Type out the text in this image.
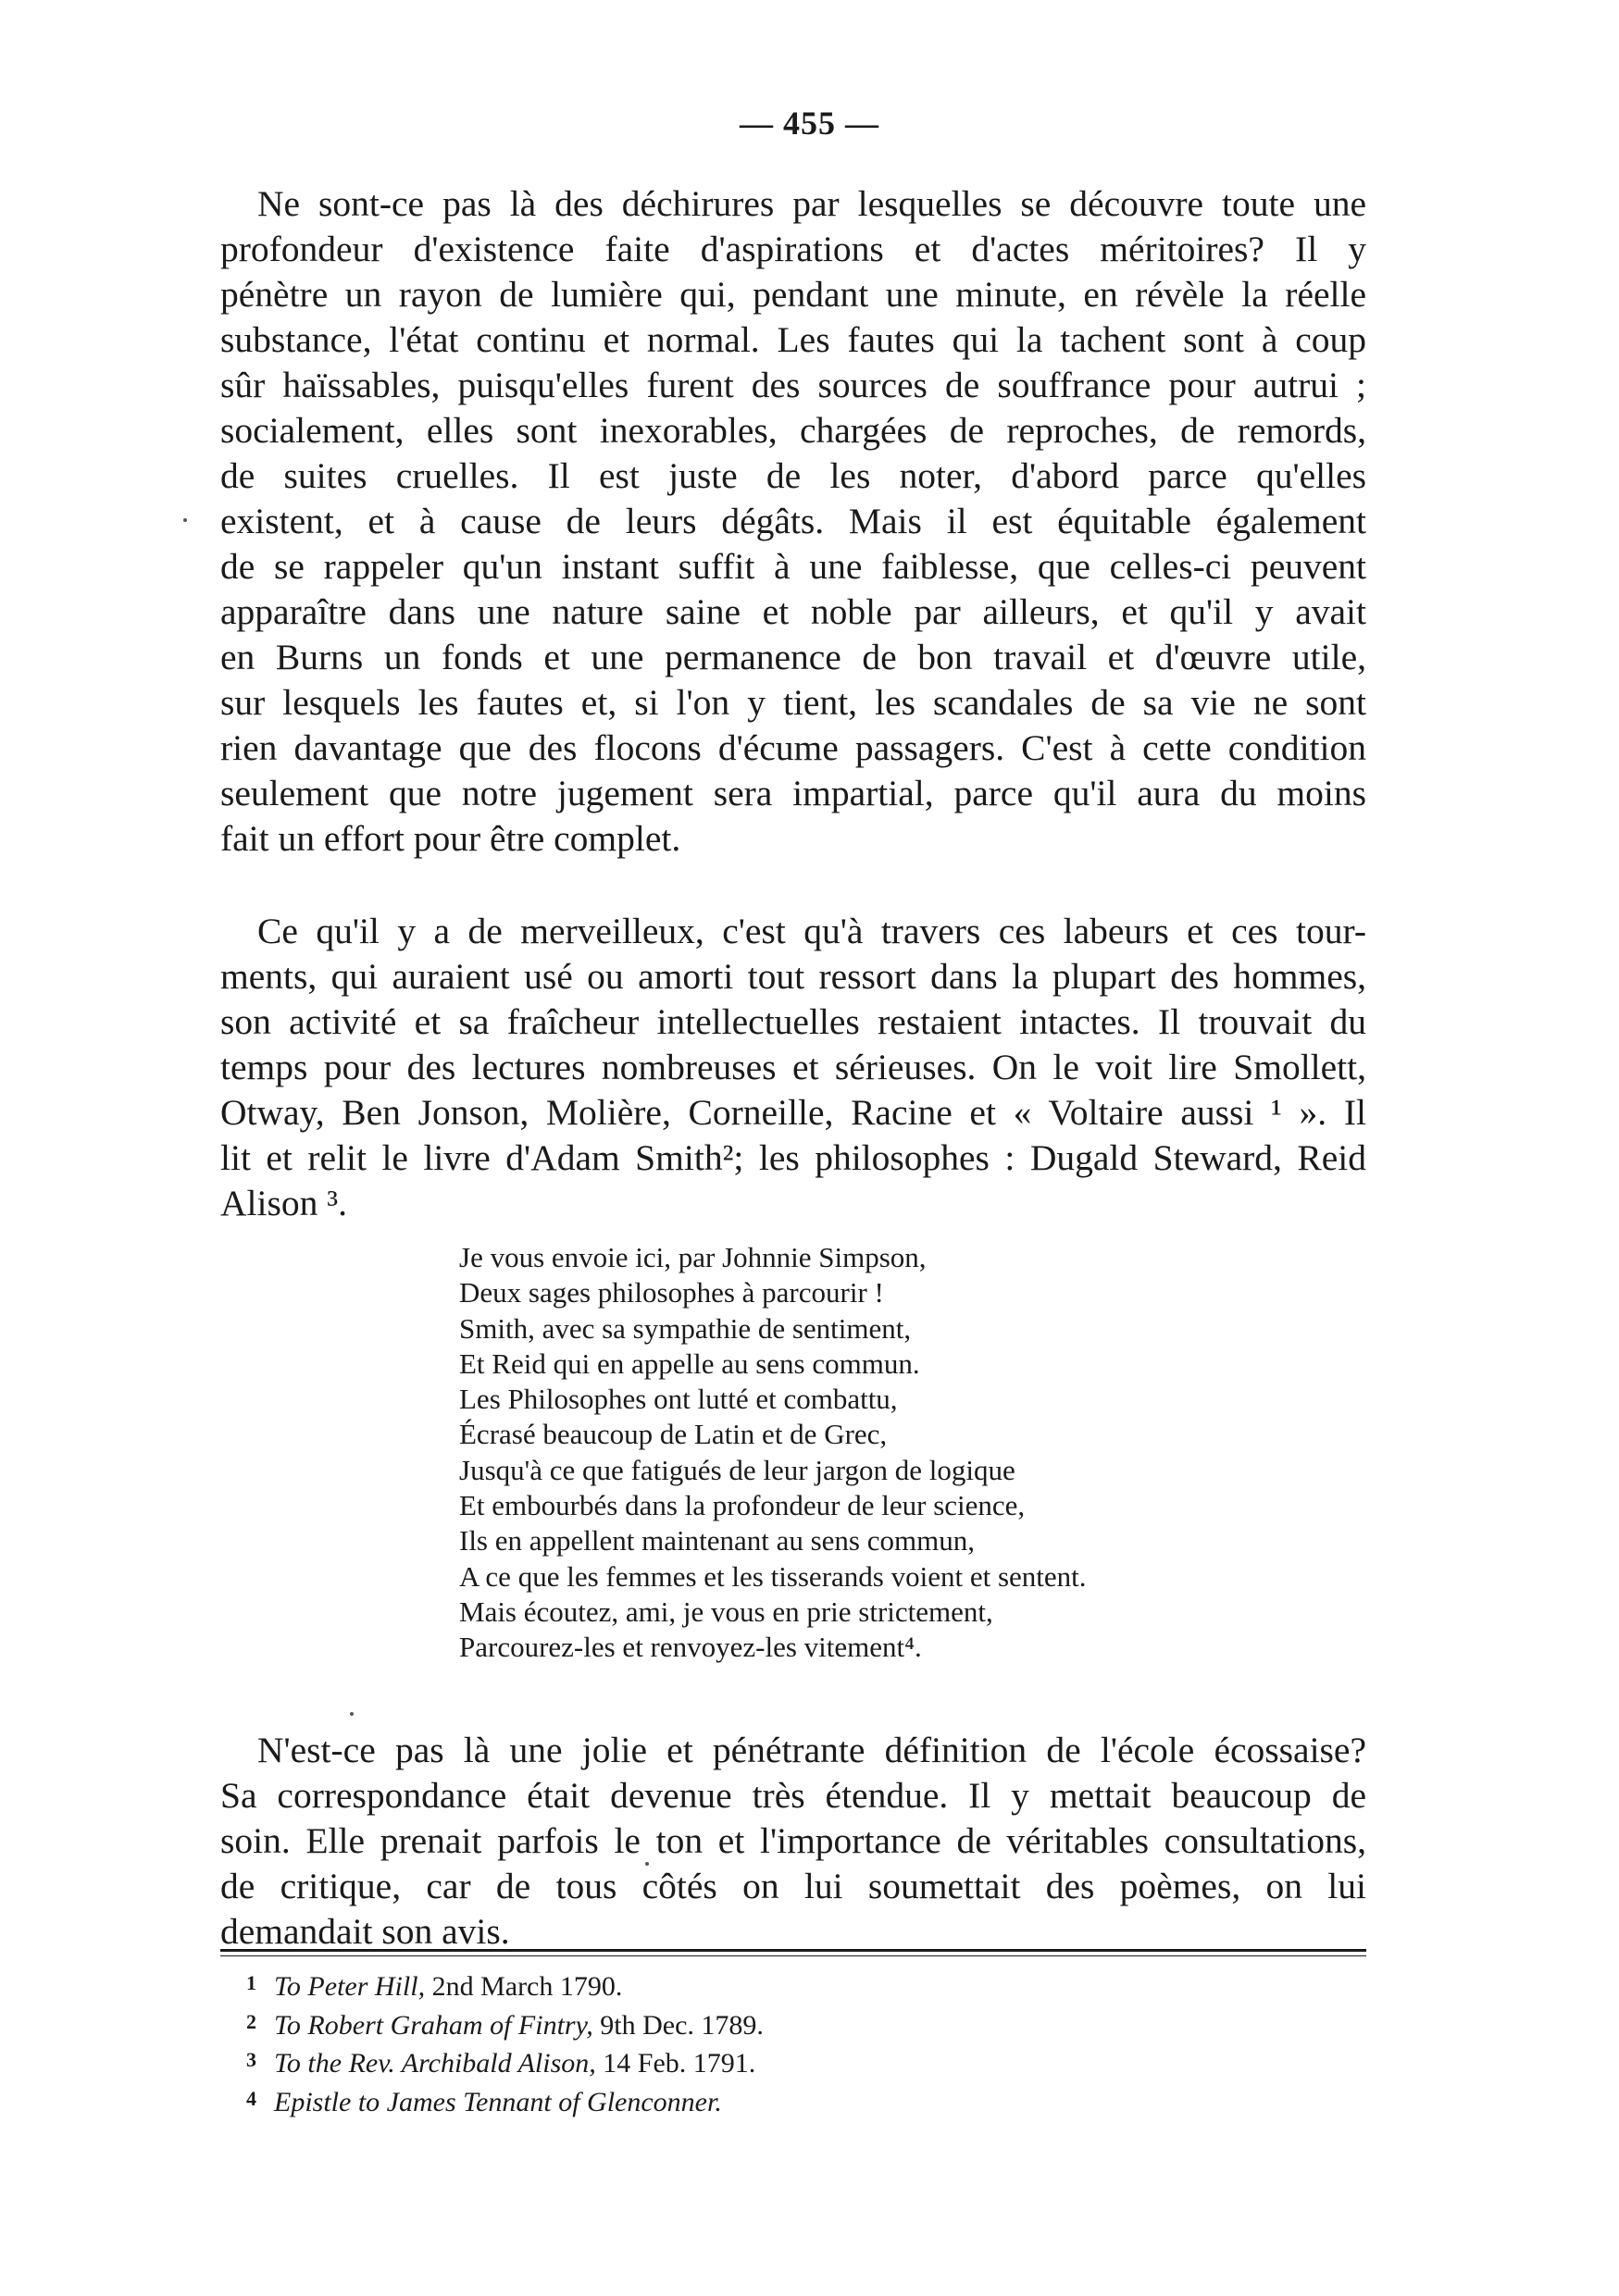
— 455 —

Ne sont-ce pas là des déchirures par lesquelles se découvre toute une
profondeur d'existence faite d'aspirations et d'actes méritoires? Il y
pénètre un rayon de lumière qui, pendant une minute, en révèle la réelle
substance, l'état continu et normal. Les fautes qui la tachent sont à coup
sûr haïssables, puisqu'elles furent des sources de souffrance pour autrui ;
socialement, elles sont inexorables, chargées de reproches, de remords,
de suites cruelles. Il est juste de les noter, d'abord parce qu'elles
existent, et à cause de leurs dégâts. Mais il est équitable également
de se rappeler qu'un instant suffit à une faiblesse, que celles-ci peuvent
apparaître dans une nature saine et noble par ailleurs, et qu'il y avait
en Burns un fonds et une permanence de bon travail et d'œuvre utile,
sur lesquels les fautes et, si l'on y tient, les scandales de sa vie ne sont
rien davantage que des flocons d'écume passagers. C'est à cette condition
seulement que notre jugement sera impartial, parce qu'il aura du moins
fait un effort pour être complet.

Ce qu'il y a de merveilleux, c'est qu'à travers ces labeurs et ces tour-
ments, qui auraient usé ou amorti tout ressort dans la plupart des hommes,
son activité et sa fraîcheur intellectuelles restaient intactes. Il trouvait du
temps pour des lectures nombreuses et sérieuses. On le voit lire Smollett,
Otway, Ben Jonson, Molière, Corneille, Racine et « Voltaire aussi ¹ ». Il
lit et relit le livre d'Adam Smith²; les philosophes : Dugald Steward, Reid
Alison ³.

Je vous envoie ici, par Johnnie Simpson,
Deux sages philosophes à parcourir !
Smith, avec sa sympathie de sentiment,
Et Reid qui en appelle au sens commun.
Les Philosophes ont lutté et combattu,
Écrasé beaucoup de Latin et de Grec,
Jusqu'à ce que fatigués de leur jargon de logique
Et embourbés dans la profondeur de leur science,
Ils en appellent maintenant au sens commun,
A ce que les femmes et les tisserands voient et sentent.
Mais écoutez, ami, je vous en prie strictement,
Parcourez-les et renvoyez-les vitement⁴.

N'est-ce pas là une jolie et pénétrante définition de l'école écossaise?
Sa correspondance était devenue très étendue. Il y mettait beaucoup de
soin. Elle prenait parfois le ton et l'importance de véritables consultations,
de critique, car de tous côtés on lui soumettait des poèmes, on lui
demandait son avis.

1 To Peter Hill, 2nd March 1790.
2 To Robert Graham of Fintry, 9th Dec. 1789.
3 To the Rev. Archibald Alison, 14 Feb. 1791.
4 Epistle to James Tennant of Glenconner.
